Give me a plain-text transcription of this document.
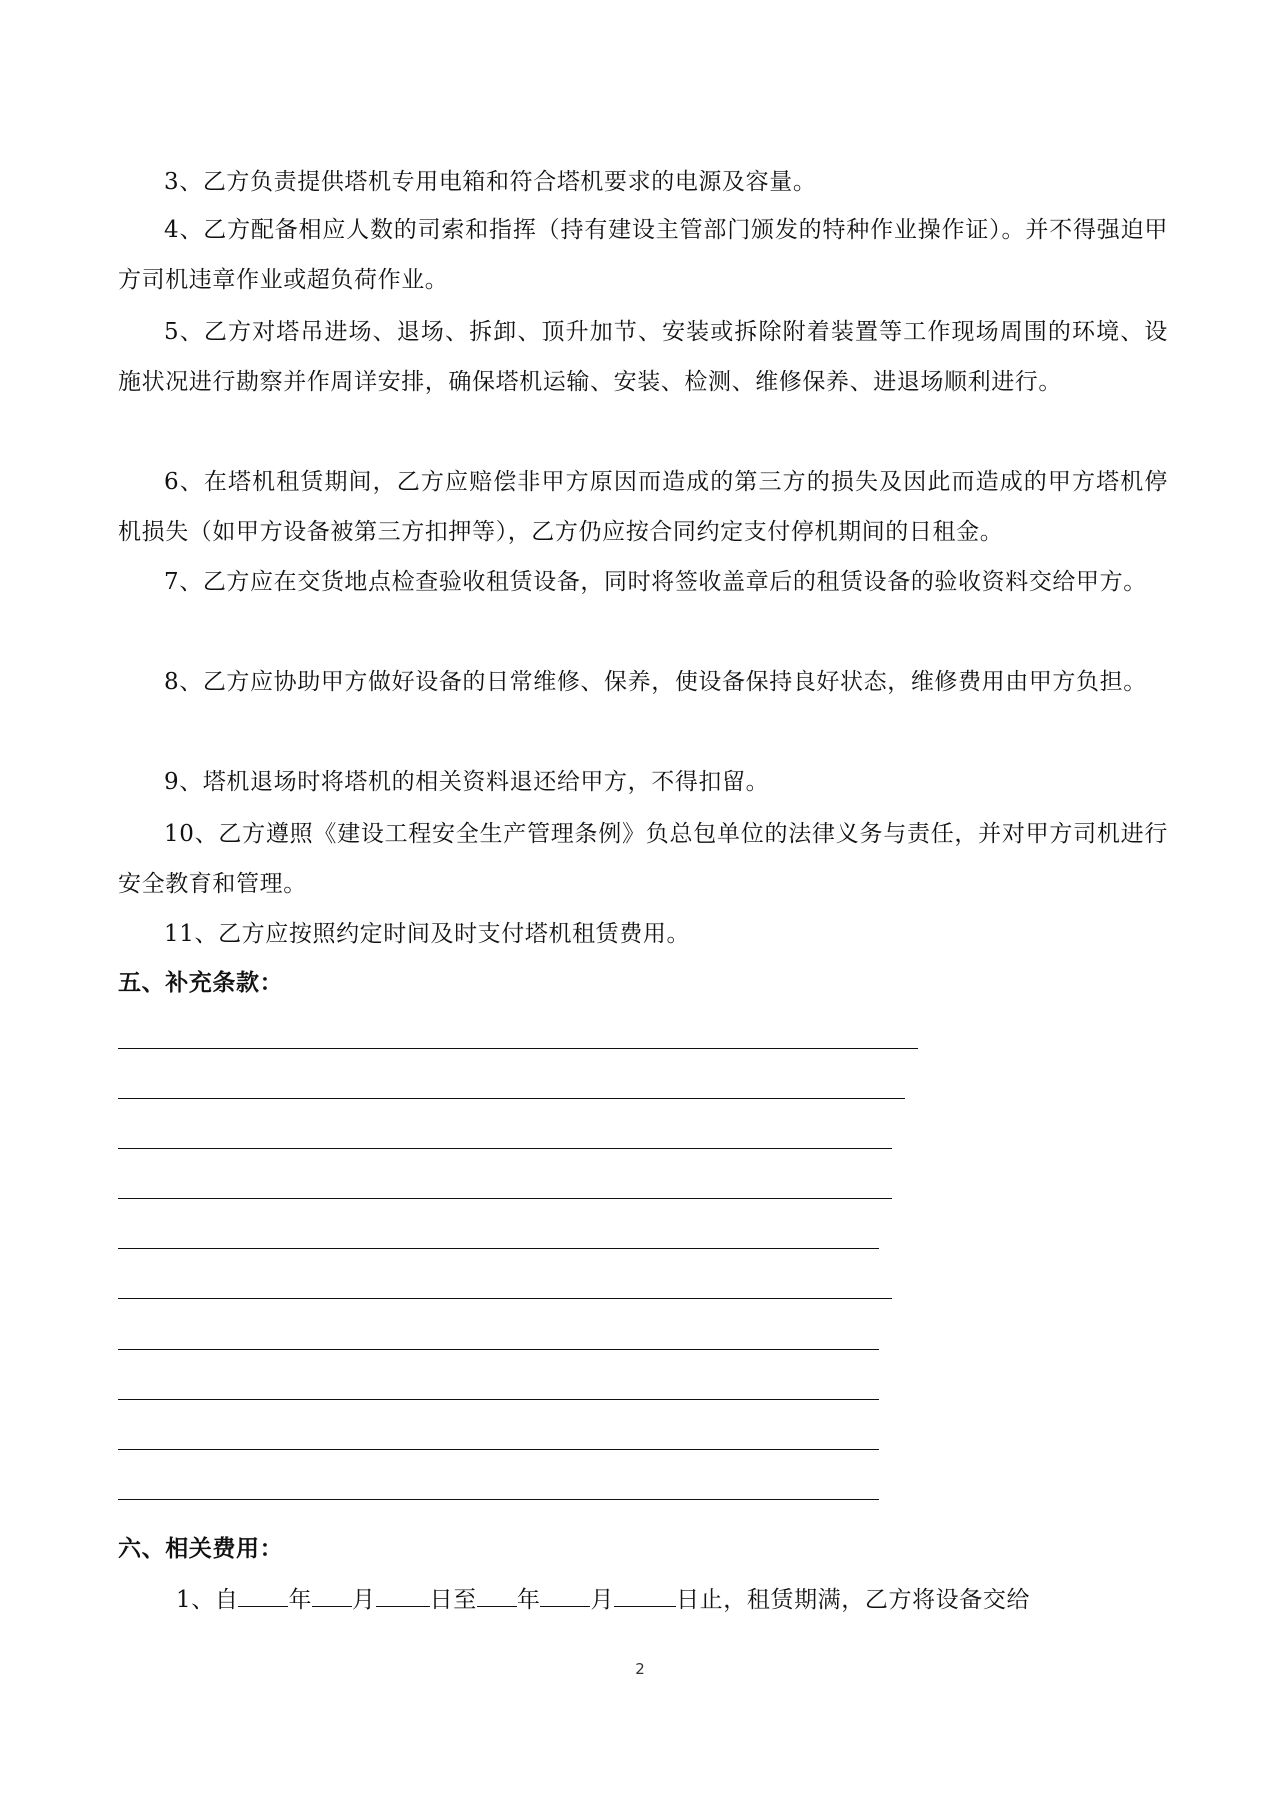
3、乙方负责提供塔机专用电箱和符合塔机要求的电源及容量。

4、乙方配备相应人数的司索和指挥（持有建设主管部门颁发的特种作业操作证）。并不得强迫甲方司机违章作业或超负荷作业。

5、乙方对塔吊进场、退场、拆卸、顶升加节、安装或拆除附着装置等工作现场周围的环境、设施状况进行勘察并作周详安排，确保塔机运输、安装、检测、维修保养、进退场顺利进行。

6、在塔机租赁期间，乙方应赔偿非甲方原因而造成的第三方的损失及因此而造成的甲方塔机停机损失（如甲方设备被第三方扣押等），乙方仍应按合同约定支付停机期间的日租金。

7、乙方应在交货地点检查验收租赁设备，同时将签收盖章后的租赁设备的验收资料交给甲方。

8、乙方应协助甲方做好设备的日常维修、保养，使设备保持良好状态，维修费用由甲方负担。

9、塔机退场时将塔机的相关资料退还给甲方，不得扣留。

10、乙方遵照《建设工程安全生产管理条例》负总包单位的法律义务与责任，并对甲方司机进行安全教育和管理。

11、乙方应按照约定时间及时支付塔机租赁费用。

五、补充条款：

六、相关费用：

1、自 年 月 日至 年 月	日止，租赁期满，乙方将设备交给

2
